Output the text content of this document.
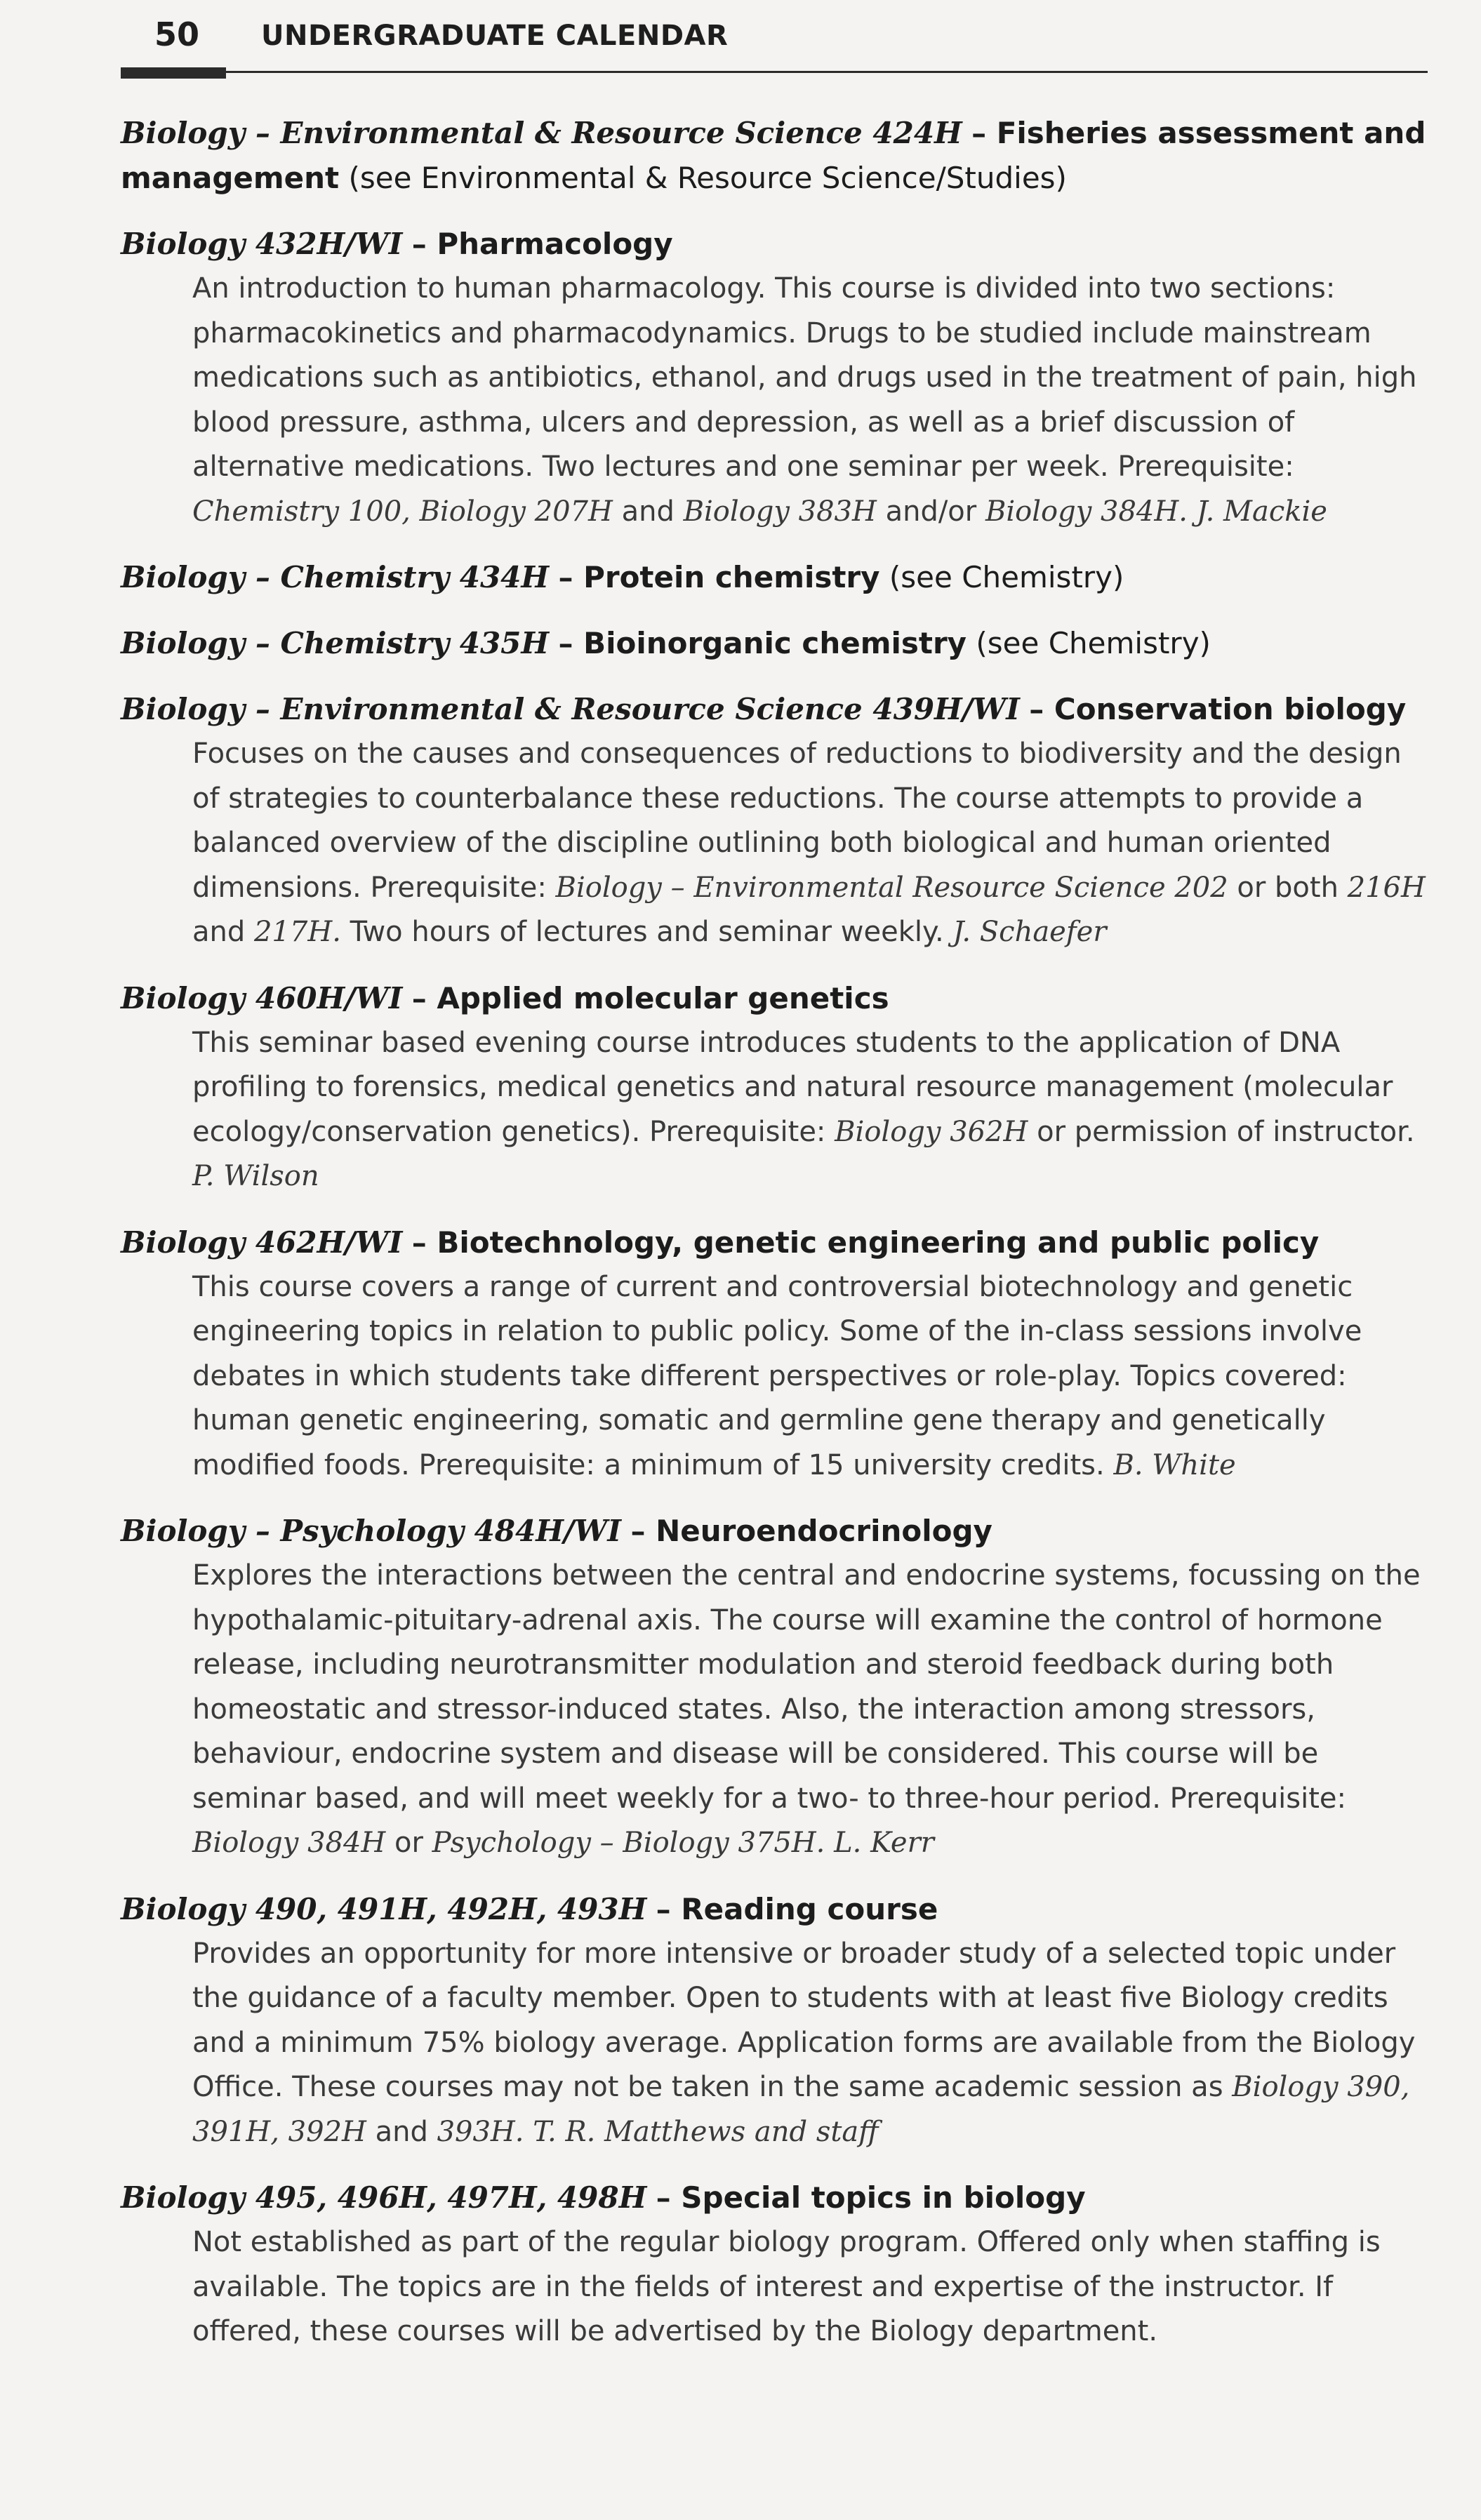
50 UNDERGRADUATE CALENDAR
Biology – Environmental & Resource Science 424H – Fisheries assessment and management (see Environmental & Resource Science/Studies)
Biology 432H/WI – Pharmacology
An introduction to human pharmacology. This course is divided into two sections: pharmacokinetics and pharmacodynamics. Drugs to be studied include mainstream medications such as antibiotics, ethanol, and drugs used in the treatment of pain, high blood pressure, asthma, ulcers and depression, as well as a brief discussion of alternative medications. Two lectures and one seminar per week. Prerequisite: Chemistry 100, Biology 207H and Biology 383H and/or Biology 384H. J. Mackie
Biology – Chemistry 434H – Protein chemistry (see Chemistry)
Biology – Chemistry 435H – Bioinorganic chemistry (see Chemistry)
Biology – Environmental & Resource Science 439H/WI – Conservation biology
Focuses on the causes and consequences of reductions to biodiversity and the design of strategies to counterbalance these reductions. The course attempts to provide a balanced overview of the discipline outlining both biological and human oriented dimensions. Prerequisite: Biology – Environmental Resource Science 202 or both 216H and 217H. Two hours of lectures and seminar weekly. J. Schaefer
Biology 460H/WI – Applied molecular genetics
This seminar based evening course introduces students to the application of DNA profiling to forensics, medical genetics and natural resource management (molecular ecology/conservation genetics). Prerequisite: Biology 362H or permission of instructor. P. Wilson
Biology 462H/WI – Biotechnology, genetic engineering and public policy
This course covers a range of current and controversial biotechnology and genetic engineering topics in relation to public policy. Some of the in-class sessions involve debates in which students take different perspectives or role-play. Topics covered: human genetic engineering, somatic and germline gene therapy and genetically modified foods. Prerequisite: a minimum of 15 university credits. B. White
Biology – Psychology 484H/WI – Neuroendocrinology
Explores the interactions between the central and endocrine systems, focussing on the hypothalamic-pituitary-adrenal axis. The course will examine the control of hormone release, including neurotransmitter modulation and steroid feedback during both homeostatic and stressor-induced states. Also, the interaction among stressors, behaviour, endocrine system and disease will be considered. This course will be seminar based, and will meet weekly for a two- to three-hour period. Prerequisite: Biology 384H or Psychology – Biology 375H. L. Kerr
Biology 490, 491H, 492H, 493H – Reading course
Provides an opportunity for more intensive or broader study of a selected topic under the guidance of a faculty member. Open to students with at least five Biology credits and a minimum 75% biology average. Application forms are available from the Biology Office. These courses may not be taken in the same academic session as Biology 390, 391H, 392H and 393H. T. R. Matthews and staff
Biology 495, 496H, 497H, 498H – Special topics in biology
Not established as part of the regular biology program. Offered only when staffing is available. The topics are in the fields of interest and expertise of the instructor. If offered, these courses will be advertised by the Biology department.
